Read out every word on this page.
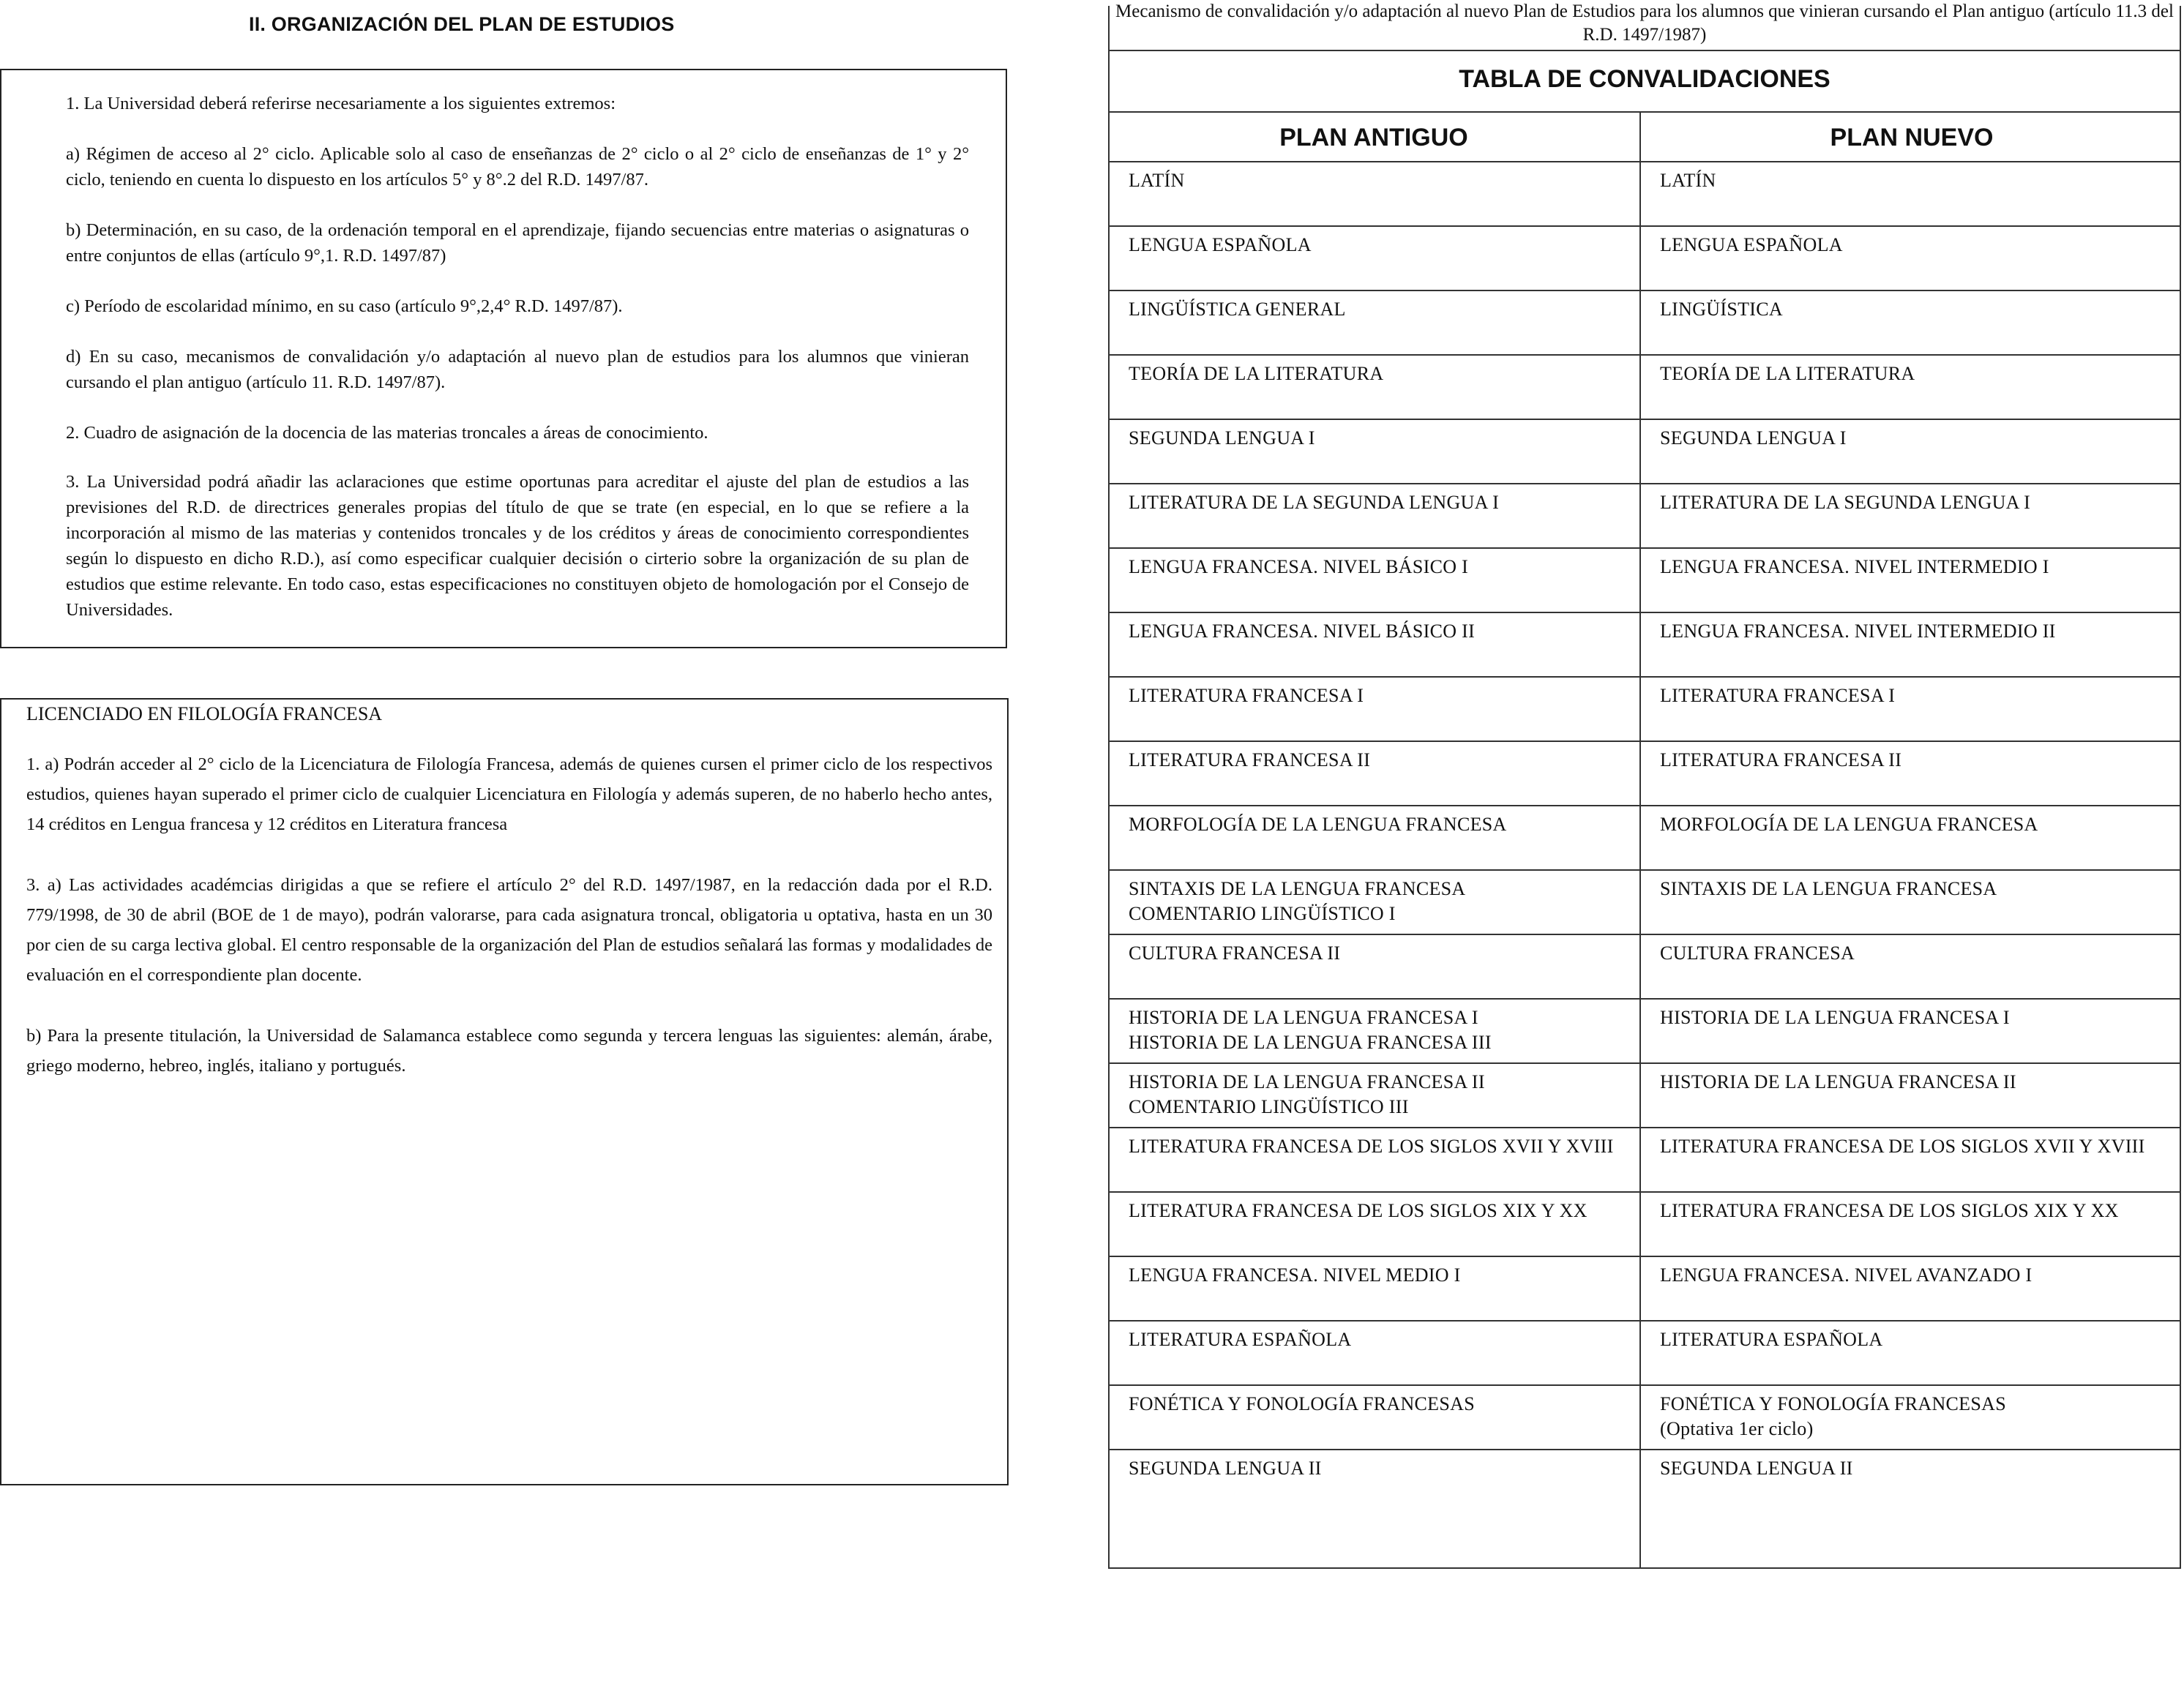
II. ORGANIZACIÓN DEL PLAN DE ESTUDIOS

1. La Universidad deberá referirse necesariamente a los siguientes extremos:

a) Régimen de acceso al 2° ciclo. Aplicable solo al caso de enseñanzas de 2° ciclo o al 2° ciclo de enseñanzas de 1° y 2° ciclo, teniendo en cuenta lo dispuesto en los artículos 5° y 8°.2 del R.D. 1497/87.

b) Determinación, en su caso, de la ordenación temporal en el aprendizaje, fijando secuencias entre materias o asignaturas o entre conjuntos de ellas (artículo 9°,1. R.D. 1497/87)

c) Período de escolaridad mínimo, en su caso (artículo 9°,2,4° R.D. 1497/87).

d) En su caso, mecanismos de convalidación y/o adaptación al nuevo plan de estudios para los alumnos que vinieran cursando el plan antiguo (artículo 11. R.D. 1497/87).

2. Cuadro de asignación de la docencia de las materias troncales a áreas de conocimiento.

3. La Universidad podrá añadir las aclaraciones que estime oportunas para acreditar el ajuste del plan de estudios a las previsiones del R.D. de directrices generales propias del título de que se trate (en especial, en lo que se refiere a la incorporación al mismo de las materias y contenidos troncales y de los créditos y áreas de conocimiento correspondientes según lo dispuesto en dicho R.D.), así como especificar cualquier decisión o cirterio sobre la organización de su plan de estudios que estime relevante. En todo caso, estas especificaciones no constituyen objeto de homologación por el Consejo de Universidades.

LICENCIADO EN FILOLOGÍA FRANCESA

1. a) Podrán acceder al 2° ciclo de la Licenciatura de Filología Francesa, además de quienes cursen el primer ciclo de los respectivos estudios, quienes hayan superado el primer ciclo de cualquier Licenciatura en Filología y además superen, de no haberlo hecho antes, 14 créditos en Lengua francesa y 12 créditos en Literatura francesa

3. a) Las actividades académcias dirigidas a que se refiere el artículo 2° del R.D. 1497/1987, en la redacción dada por el R.D. 779/1998, de 30 de abril (BOE de 1 de mayo), podrán valorarse, para cada asignatura troncal, obligatoria u optativa, hasta en un 30 por cien de su carga lectiva global. El centro responsable de la organización del Plan de estudios señalará las formas y modalidades de evaluación en el correspondiente plan docente.

b) Para la presente titulación, la Universidad de Salamanca establece como segunda y tercera lenguas las siguientes: alemán, árabe, griego moderno, hebreo, inglés, italiano y portugués.

Mecanismo de convalidación y/o adaptación al nuevo Plan de Estudios para los alumnos que vinieran cursando el Plan antiguo (artículo 11.3 del R.D. 1497/1987)
TABLA DE CONVALIDACIONES
PLAN ANTIGUO	PLAN NUEVO
LATÍN	LATÍN
LENGUA ESPAÑOLA	LENGUA ESPAÑOLA
LINGÜÍSTICA GENERAL	LINGÜÍSTICA
TEORÍA DE LA LITERATURA	TEORÍA DE LA LITERATURA
SEGUNDA LENGUA I	SEGUNDA LENGUA I
LITERATURA DE LA SEGUNDA LENGUA I	LITERATURA DE LA SEGUNDA LENGUA I
LENGUA FRANCESA. NIVEL BÁSICO I	LENGUA FRANCESA. NIVEL INTERMEDIO I
LENGUA FRANCESA. NIVEL BÁSICO II	LENGUA FRANCESA. NIVEL INTERMEDIO II
LITERATURA FRANCESA I	LITERATURA FRANCESA I
LITERATURA FRANCESA II	LITERATURA FRANCESA II
MORFOLOGÍA DE LA LENGUA FRANCESA	MORFOLOGÍA DE LA LENGUA FRANCESA

SINTAXIS DE LA LENGUA FRANCESA
COMENTARIO LINGÜÍSTICO I	SINTAXIS DE LA LENGUA FRANCESA
CULTURA FRANCESA II	CULTURA FRANCESA

HISTORIA DE LA LENGUA FRANCESA I
HISTORIA DE LA LENGUA FRANCESA III	HISTORIA DE LA LENGUA FRANCESA I

HISTORIA DE LA LENGUA FRANCESA II
COMENTARIO LINGÜÍSTICO III	HISTORIA DE LA LENGUA FRANCESA II
LITERATURA FRANCESA DE LOS SIGLOS XVII Y XVIII	LITERATURA FRANCESA DE LOS SIGLOS XVII Y XVIII
LITERATURA FRANCESA DE LOS SIGLOS XIX Y XX	LITERATURA FRANCESA DE LOS SIGLOS XIX Y XX
LENGUA FRANCESA. NIVEL MEDIO I	LENGUA FRANCESA. NIVEL AVANZADO I
LITERATURA ESPAÑOLA	LITERATURA ESPAÑOLA
FONÉTICA Y FONOLOGÍA FRANCESAS	FONÉTICA Y FONOLOGÍA FRANCESAS
(Optativa 1er ciclo)

SEGUNDA LENGUA II	SEGUNDA LENGUA II
